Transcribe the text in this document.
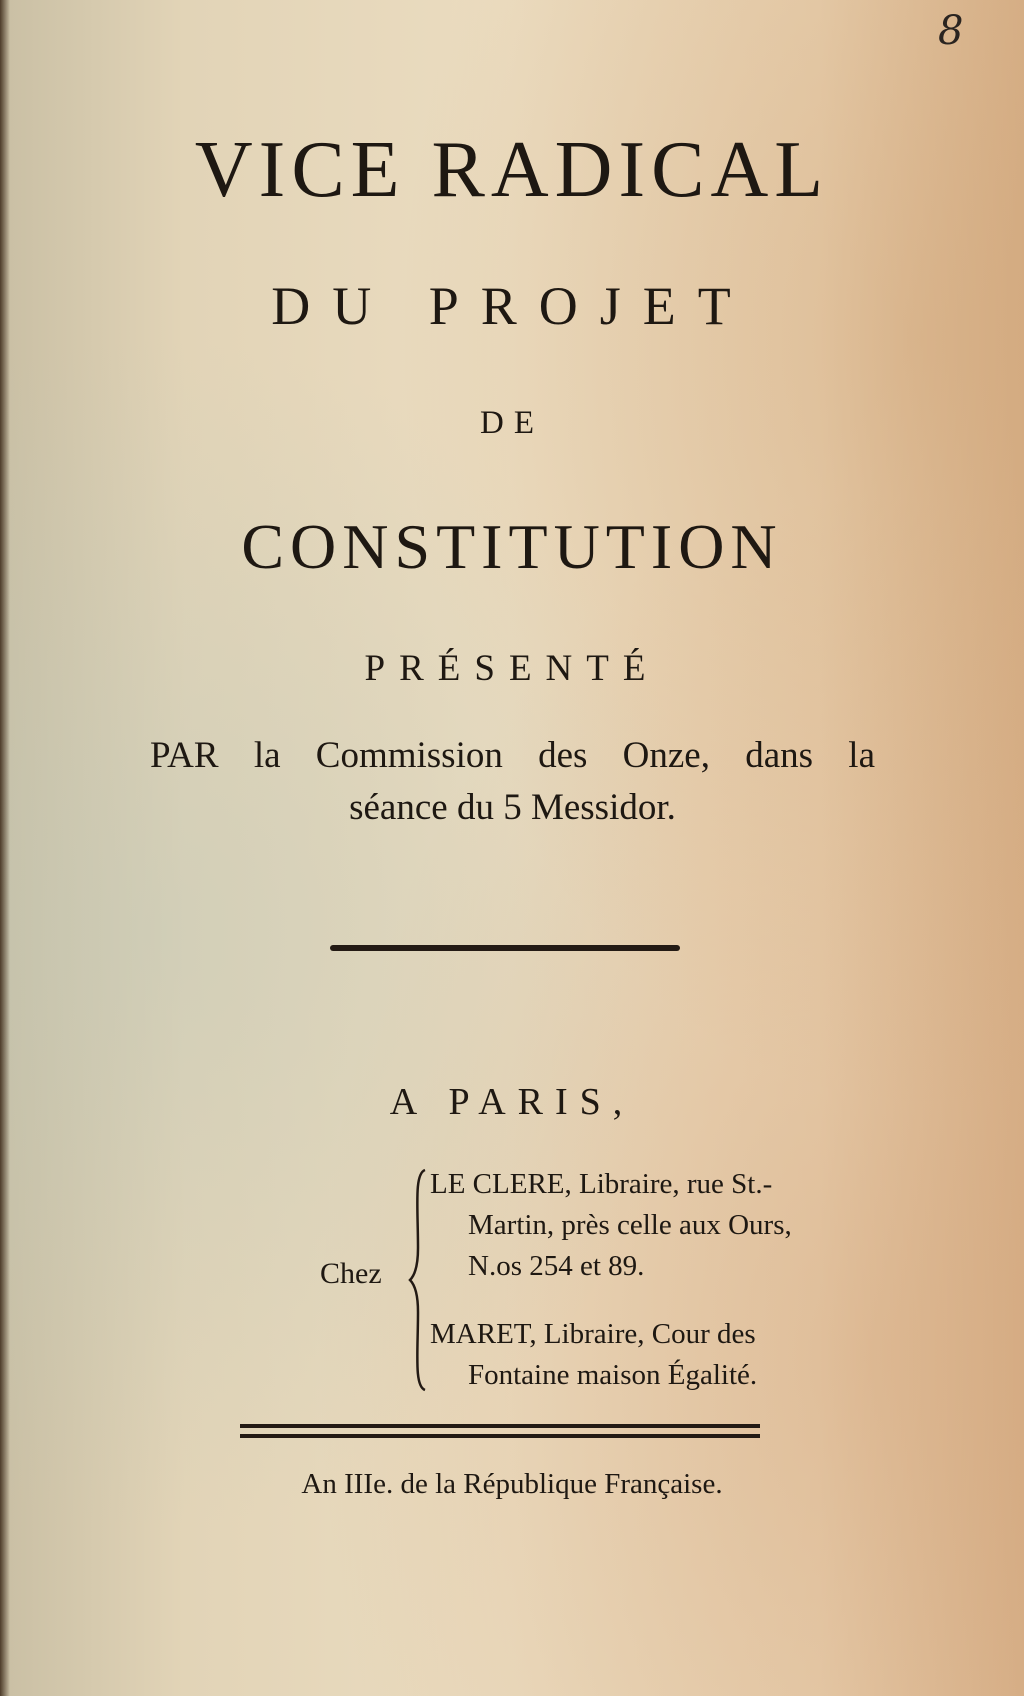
8

VICE RADICAL

DU PROJET

DE

CONSTITUTION

PRÉSENTÉ

PAR la Commission des Onze, dans la

séance du 5 Messidor.

A PARIS,

Chez

LE CLERE, Libraire, rue St.-

Martin, près celle aux Ours,

N.os 254 et 89.

MARET, Libraire, Cour des

Fontaine maison Égalité.

An IIIe. de la République Française.
